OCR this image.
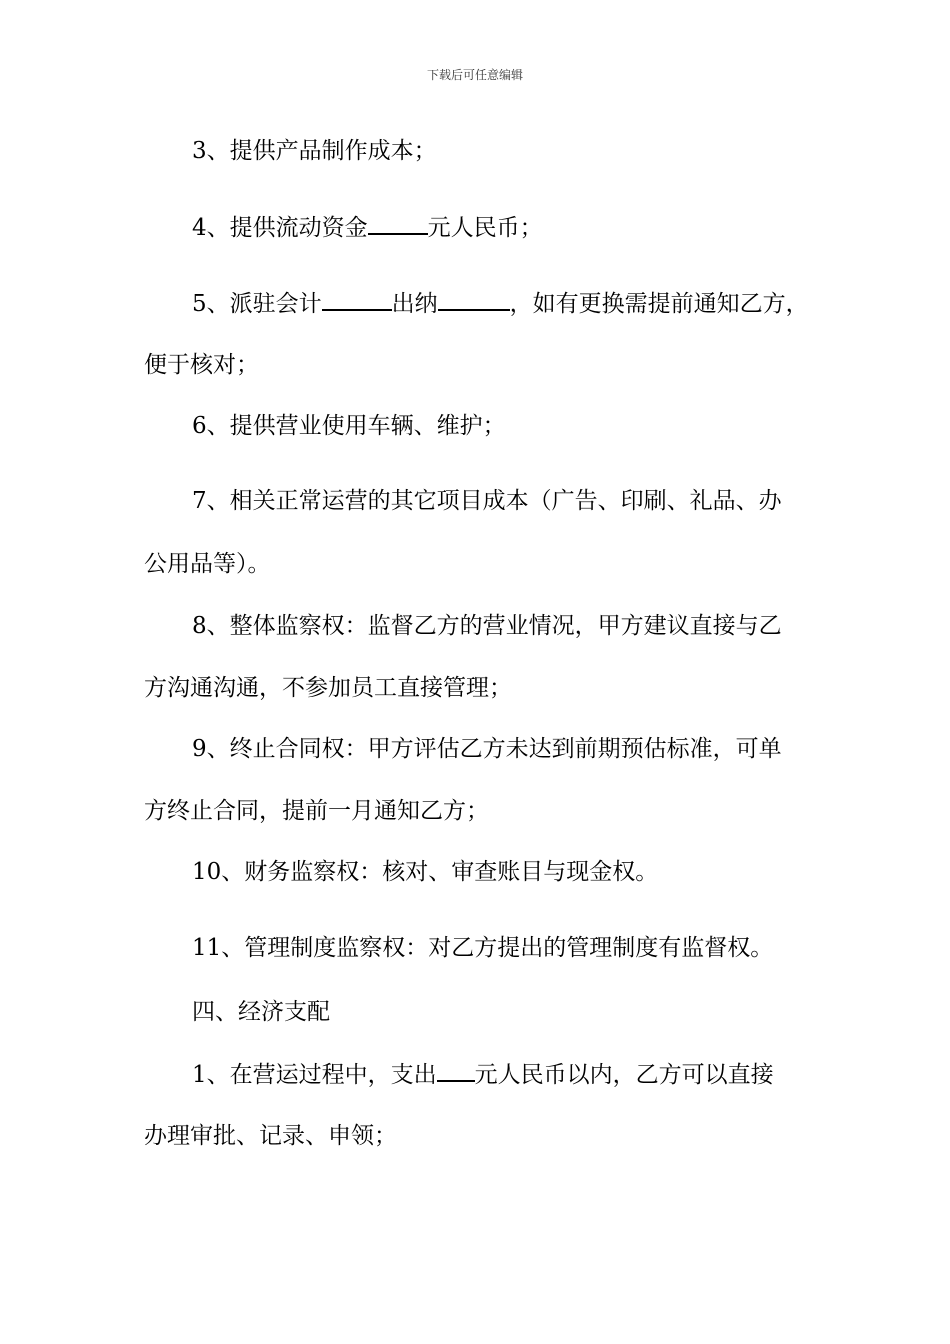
下载后可任意编辑
3、提供产品制作成本；
4、提供流动资金	元人民币；
5、派驻会计	出纳	，如有更换需提前通知乙方，
便于核对；
6、提供营业使用车辆、维护；
7、相关正常运营的其它项目成本（广告、印刷、礼品、办
公用品等）。
8、整体监察权：监督乙方的营业情况，甲方建议直接与乙
方沟通沟通，不参加员工直接管理；
9、终止合同权：甲方评估乙方未达到前期预估标准，可单
方终止合同，提前一月通知乙方；
10、财务监察权：核对、审查账目与现金权。
11、管理制度监察权：对乙方提出的管理制度有监督权。
四、经济支配
1、在营运过程中，支出 元人民币以内，乙方可以直接
办理审批、记录、申领；
